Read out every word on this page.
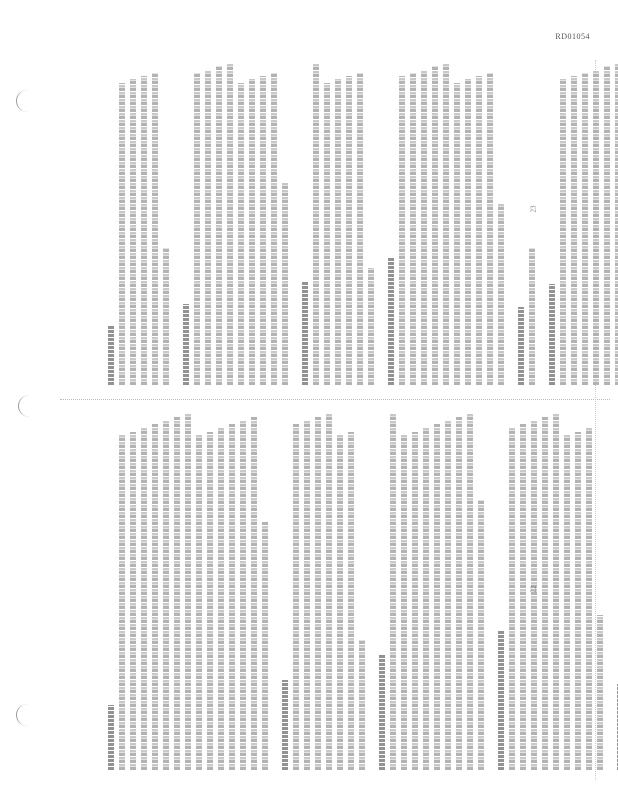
RD01054
22
23
